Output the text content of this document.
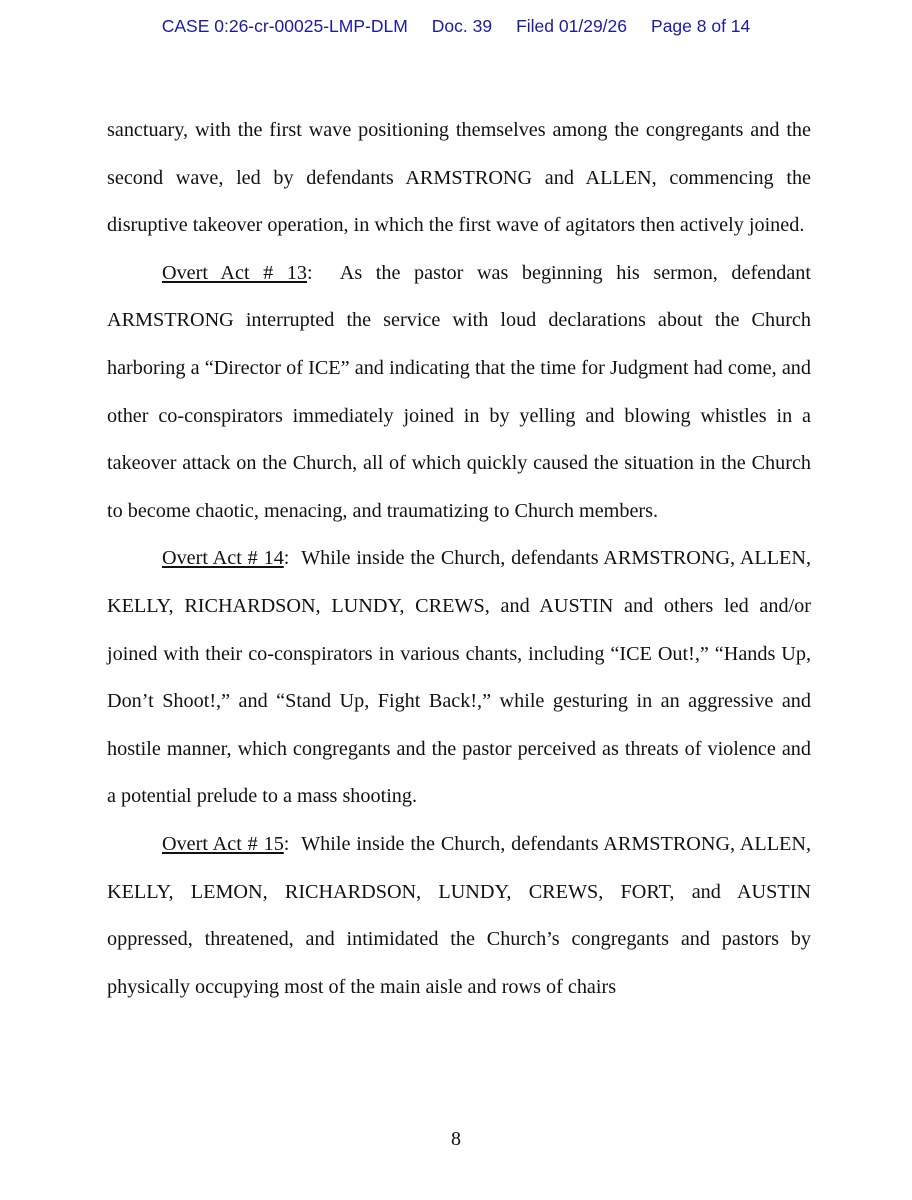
CASE 0:26-cr-00025-LMP-DLM Doc. 39 Filed 01/29/26 Page 8 of 14

sanctuary, with the first wave positioning themselves among the congregants and the second wave, led by defendants ARMSTRONG and ALLEN, commencing the disruptive takeover operation, in which the first wave of agitators then actively joined.

Overt Act # 13:  As the pastor was beginning his sermon, defendant ARMSTRONG interrupted the service with loud declarations about the Church harboring a “Director of ICE” and indicating that the time for Judgment had come, and other co-conspirators immediately joined in by yelling and blowing whistles in a takeover attack on the Church, all of which quickly caused the situation in the Church to become chaotic, menacing, and traumatizing to Church members.

Overt Act # 14:  While inside the Church, defendants ARMSTRONG, ALLEN, KELLY, RICHARDSON, LUNDY, CREWS, and AUSTIN and others led and/or joined with their co-conspirators in various chants, including “ICE Out!,” “Hands Up, Don’t Shoot!,” and “Stand Up, Fight Back!,” while gesturing in an aggressive and hostile manner, which congregants and the pastor perceived as threats of violence and a potential prelude to a mass shooting.

Overt Act # 15:  While inside the Church, defendants ARMSTRONG, ALLEN, KELLY, LEMON, RICHARDSON, LUNDY, CREWS, FORT, and AUSTIN oppressed, threatened, and intimidated the Church’s congregants and pastors by physically occupying most of the main aisle and rows of chairs

8
